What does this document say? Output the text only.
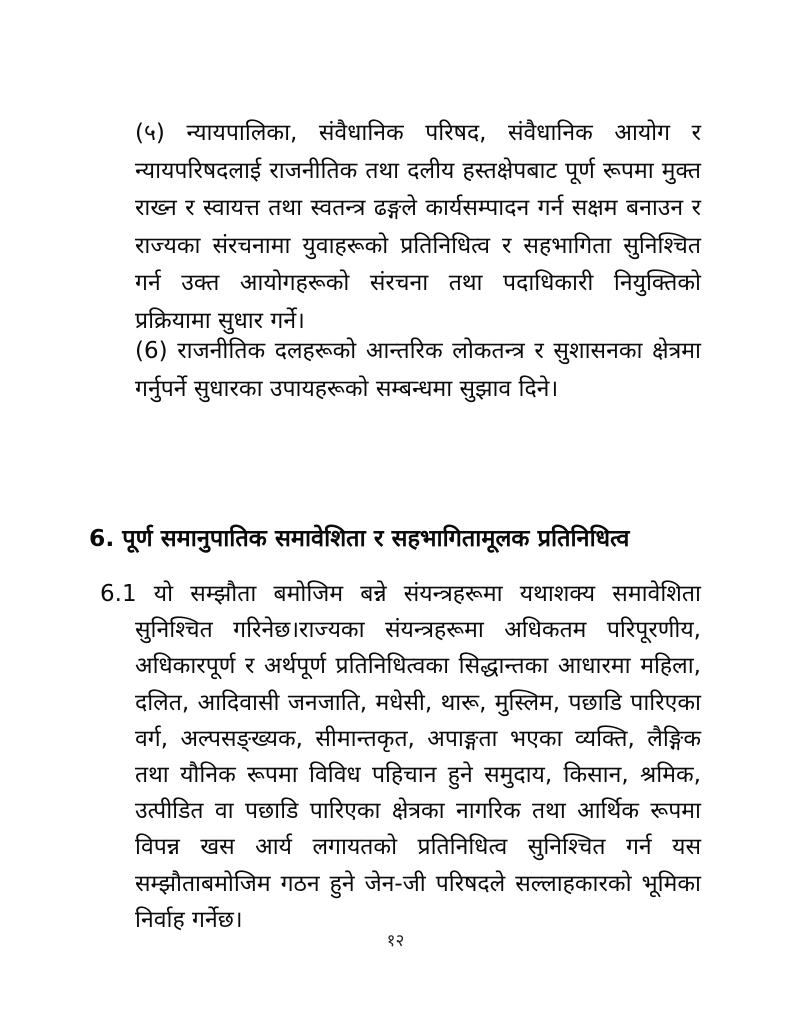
(५) न्यायपालिका, संवैधानिक परिषद, संवैधानिक आयोग र न्यायपरिषदलाई राजनीतिक तथा दलीय हस्तक्षेपबाट पूर्ण रूपमा मुक्त राख्न र स्वायत्त तथा स्वतन्त्र ढङ्गले कार्यसम्पादन गर्न सक्षम बनाउन र राज्यका संरचनामा युवाहरूको प्रतिनिधित्व र सहभागिता सुनिश्चित गर्न उक्त आयोगहरूको संरचना तथा पदाधिकारी नियुक्तिको प्रक्रियामा सुधार गर्ने।

(6) राजनीतिक दलहरूको आन्तरिक लोकतन्त्र र सुशासनका क्षेत्रमा गर्नुपर्ने सुधारका उपायहरूको सम्बन्धमा सुझाव दिने।

6. पूर्ण समानुपातिक समावेशिता र सहभागितामूलक प्रतिनिधित्व

6.1 यो सम्झौता बमोजिम बन्ने संयन्त्रहरूमा यथाशक्य समावेशिता सुनिश्चित गरिनेछ।राज्यका संयन्त्रहरूमा अधिकतम परिपूरणीय, अधिकारपूर्ण र अर्थपूर्ण प्रतिनिधित्वका सिद्धान्तका आधारमा महिला, दलित, आदिवासी जनजाति, मधेसी, थारू, मुस्लिम, पछाडि पारिएका वर्ग, अल्पसङ्ख्यक, सीमान्तकृत, अपाङ्गता भएका व्यक्ति, लैङ्गिक तथा यौनिक रूपमा विविध पहिचान हुने समुदाय, किसान, श्रमिक, उत्पीडित वा पछाडि पारिएका क्षेत्रका नागरिक तथा आर्थिक रूपमा विपन्न खस आर्य लगायतको प्रतिनिधित्व सुनिश्चित गर्न यस सम्झौताबमोजिम गठन हुने जेन-जी परिषदले सल्लाहकारको भूमिका निर्वाह गर्नेछ।

१२
